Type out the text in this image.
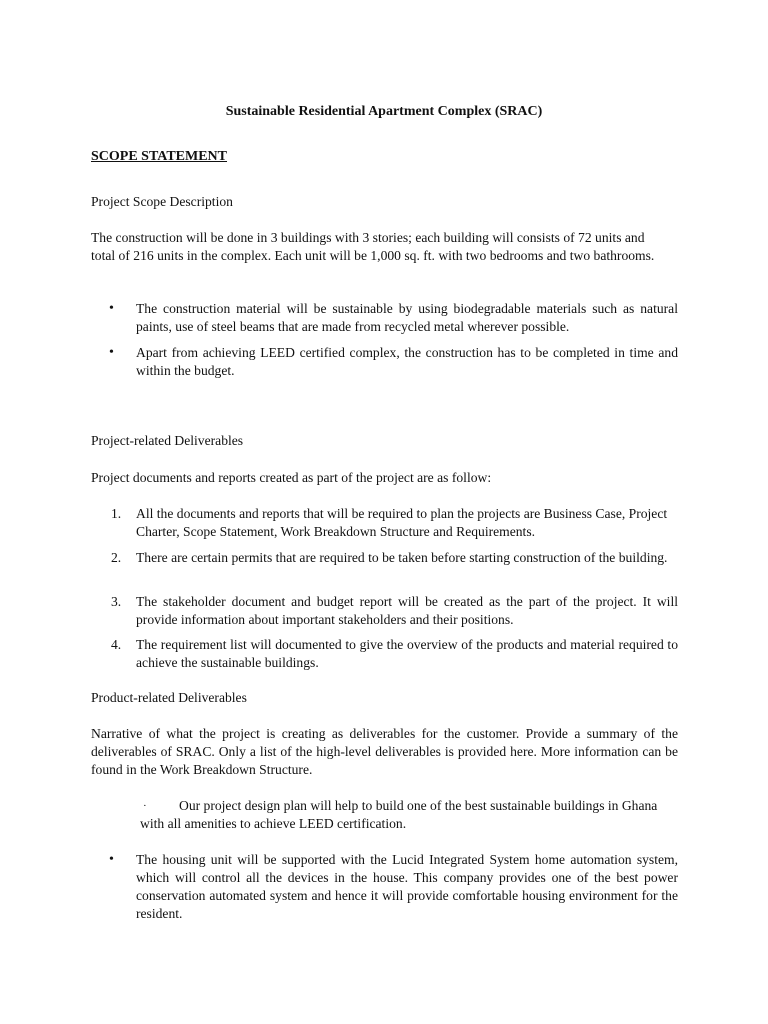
Sustainable Residential Apartment Complex (SRAC)
SCOPE STATEMENT
Project Scope Description
The construction will be done in 3 buildings with 3 stories; each building will consists of 72 units and total of 216 units in the complex. Each unit will be 1,000 sq. ft. with two bedrooms and two bathrooms.
• The construction material will be sustainable by using biodegradable materials such as natural paints, use of steel beams that are made from recycled metal wherever possible.
• Apart from achieving LEED certified complex, the construction has to be completed in time and within the budget.
Project-related Deliverables
Project documents and reports created as part of the project are as follow:
1. All the documents and reports that will be required to plan the projects are Business Case, Project Charter, Scope Statement, Work Breakdown Structure and Requirements.
2. There are certain permits that are required to be taken before starting construction of the building.
3. The stakeholder document and budget report will be created as the part of the project. It will provide information about important stakeholders and their positions.
4. The requirement list will documented to give the overview of the products and material required to achieve the sustainable buildings.
Product-related Deliverables
Narrative of what the project is creating as deliverables for the customer. Provide a summary of the deliverables of SRAC. Only a list of the high-level deliverables is provided here. More information can be found in the Work Breakdown Structure.
·	Our project design plan will help to build one of the best sustainable buildings in Ghana with all amenities to achieve LEED certification.
• The housing unit will be supported with the Lucid Integrated System home automation system, which will control all the devices in the house. This company provides one of the best power conservation automated system and hence it will provide comfortable housing environment for the resident.
